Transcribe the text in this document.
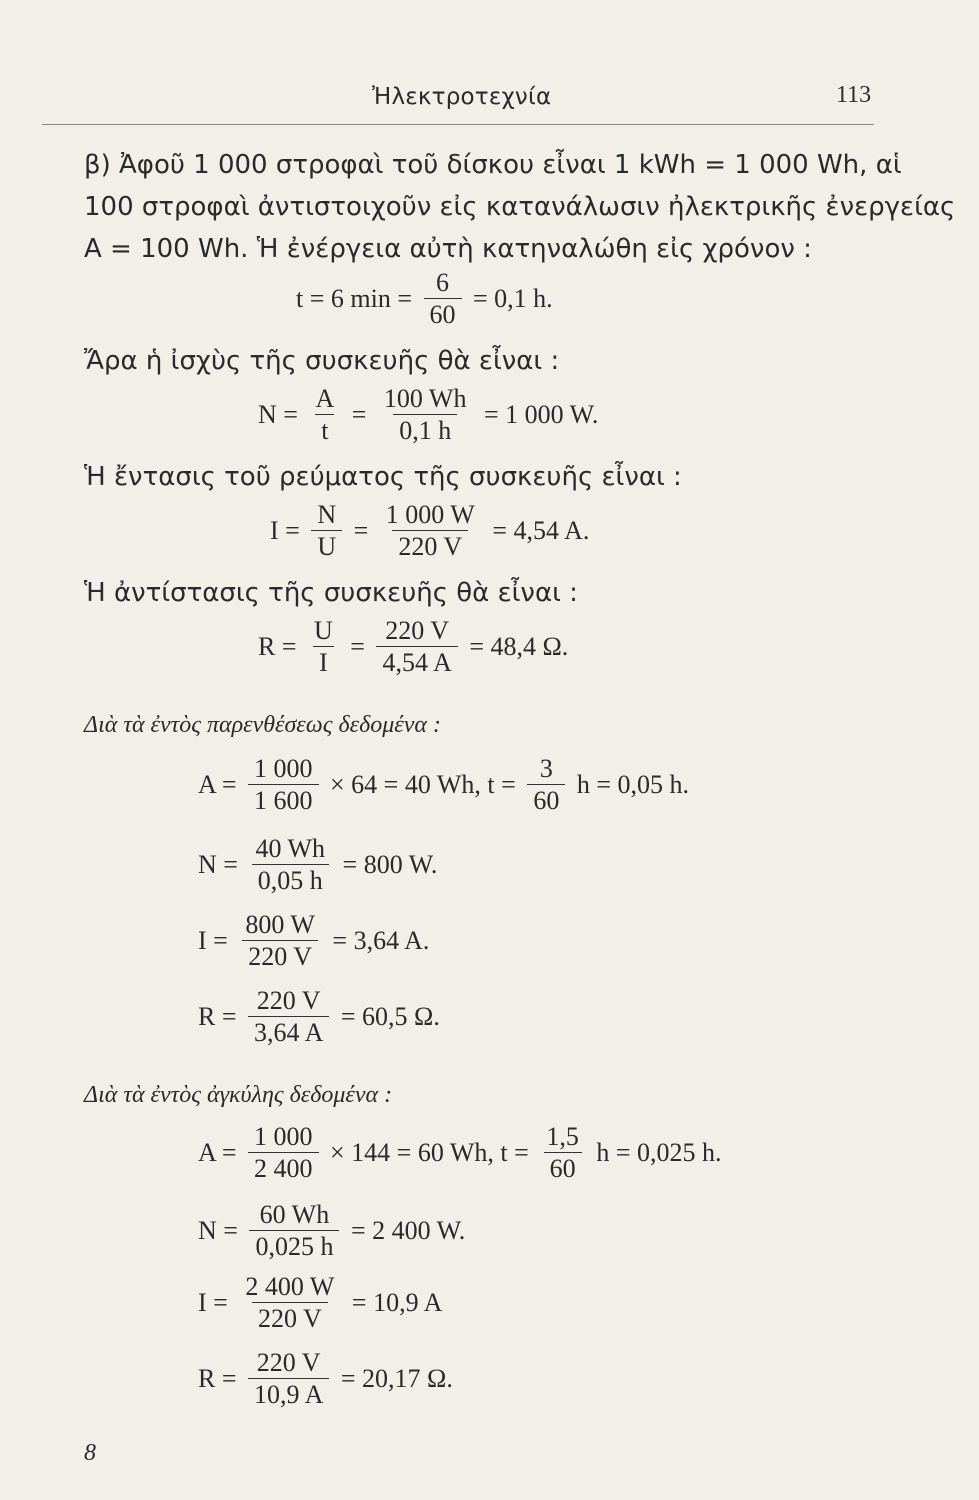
Ἠλεκτροτεχνία	113
β) Ἀφοῦ 1 000 στροφαὶ τοῦ δίσκου εἶναι 1 kWh = 1 000 Wh, αἱ
100 στροφαὶ ἀντιστοιχοῦν εἰς κατανάλωσιν ἠλεκτρικῆς ἐνεργείας
A = 100 Wh. Ἡ ἐνέργεια αὐτὴ κατηναλώθη εἰς χρόνον :
t = 6 $\min = \frac{6}{60} = 0,1$ h.
Ἄρα ἡ ἰσχὺς τῆς συσκευῆς θὰ εἶναι :
$N = \frac{A}{t} = \frac{100 Wh}{0,1 h} = 1$ 000 W.
Ἡ ἔντασις τοῦ ρεύματος τῆς συσκευῆς εἶναι :
$I = \frac{N}{U} = \frac{1 000 W}{220 V} = 4,54$ A.
Ἡ ἀντίστασις τῆς συσκευῆς θὰ εἶναι :
$R = \frac{U}{I} = \frac{220 V}{4,54 A} = 48,4$ Ω.
Διὰ τὰ ἐντὸς παρενθέσεως δεδομένα :
$A = \frac{1 000}{1 600} \times 64 = 40$ Wh, $t = \frac{3}{60}$ h = 0,05 h.
$N = \frac{40 Wh}{0,05 h} = 800$ W.
$I = \frac{800 W}{220 V} = 3,64$ A.
$R = \frac{220 V}{3,64 A} = 60,5$ Ω.
Διὰ τὰ ἐντὸς ἀγκύλης δεδομένα :
$A = \frac{1 000}{2 400} \times 144 = 60$ Wh, $t = \frac{1,5}{60}$ h = 0,025 h.
$N = \frac{60 Wh}{0,025 h} = 2$ 400 W.
$I = \frac{2 400 W}{220 V} = 10,9$ A
$R = \frac{220 V}{10,9 A} = 20,17$ Ω.
8
